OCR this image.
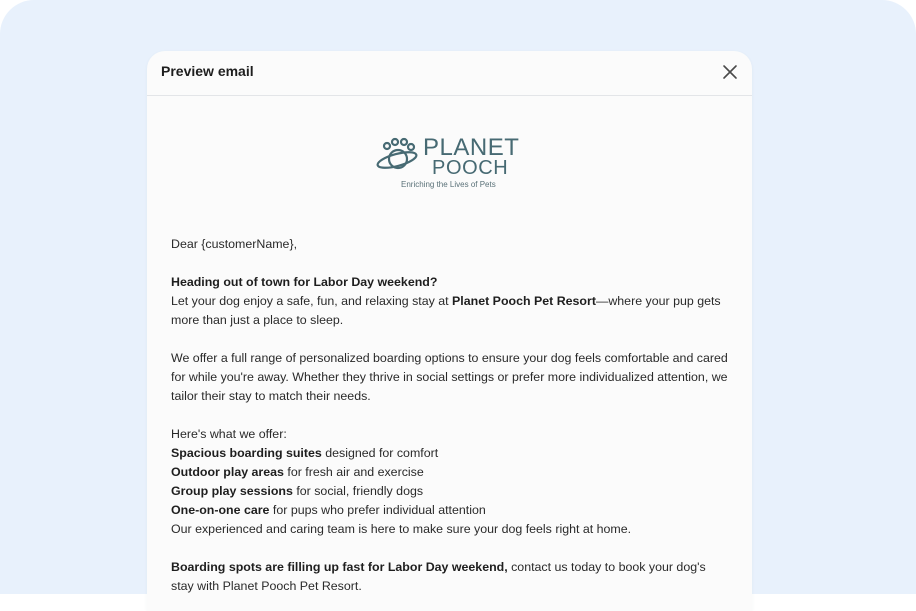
Preview email
PLANET
POOCH
Enriching the Lives of Pets

Dear {customerName},

Heading out of town for Labor Day weekend?
Let your dog enjoy a safe, fun, and relaxing stay at Planet Pooch Pet Resort—where your pup gets more than just a place to sleep.

We offer a full range of personalized boarding options to ensure your dog feels comfortable and cared for while you're away. Whether they thrive in social settings or prefer more individualized attention, we tailor their stay to match their needs.

Here's what we offer:
Spacious boarding suites designed for comfort
Outdoor play areas for fresh air and exercise
Group play sessions for social, friendly dogs
One-on-one care for pups who prefer individual attention
Our experienced and caring team is here to make sure your dog feels right at home.

Boarding spots are filling up fast for Labor Day weekend, contact us today to book your dog's stay with Planet Pooch Pet Resort.
